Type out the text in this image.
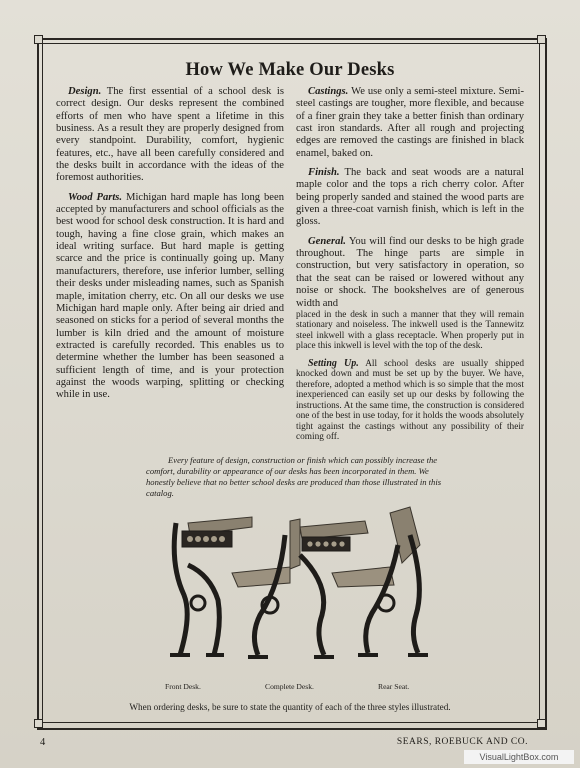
How We Make Our Desks

Design. The first essential of a school desk is correct design. Our desks represent the combined efforts of men who have spent a lifetime in this business. As a result they are properly designed from every standpoint. Durability, comfort, hygienic features, etc., have all been carefully considered and the desks built in accordance with the ideas of the foremost authorities.

Wood Parts. Michigan hard maple has long been accepted by manufacturers and school officials as the best wood for school desk construction. It is hard and tough, having a fine close grain, which makes an ideal writing surface. But hard maple is getting scarce and the price is continually going up. Many manufacturers, therefore, use inferior lumber, selling their desks under misleading names, such as Spanish maple, imitation cherry, etc. On all our desks we use Michigan hard maple only. After being air dried and seasoned on sticks for a period of several months the lumber is kiln dried and the amount of moisture extracted is carefully recorded. This enables us to determine whether the lumber has been seasoned a sufficient length of time, and is your protection against the woods warping, splitting or checking while in use.

Castings. We use only a semi-steel mixture. Semi-steel castings are tougher, more flexible, and because of a finer grain they take a better finish than ordinary cast iron standards. After all rough and projecting edges are removed the castings are finished in black enamel, baked on.

Finish. The back and seat woods are a natural maple color and the tops a rich cherry color. After being properly sanded and stained the wood parts are given a three-coat varnish finish, which is left in the gloss.

General. You will find our desks to be high grade throughout. The hinge parts are simple in construction, but very satisfactory in operation, so that the seat can be raised or lowered without any noise or shock. The bookshelves are of generous width and

placed in the desk in such a manner that they will remain stationary and noiseless. The inkwell used is the Tannewitz steel inkwell with a glass receptacle. When properly put in place this inkwell is level with the top of the desk.

Setting Up. All school desks are usually shipped knocked down and must be set up by the buyer. We have, therefore, adopted a method which is so simple that the most inexperienced can easily set up our desks by following the instructions. At the same time, the construction is considered one of the best in use today, for it holds the woods absolutely tight against the castings without any possibility of their coming off.

Every feature of design, construction or finish which can possibly increase the comfort, durability or appearance of our desks has been incorporated in them. We honestly believe that no better school desks are produced than those illustrated in this catalog.
Front Desk.	Complete Desk.	Rear Seat.
When ordering desks, be sure to state the quantity of each of the three styles illustrated.
4	SEARS, ROEBUCK AND CO.
VisualLightBox.com
